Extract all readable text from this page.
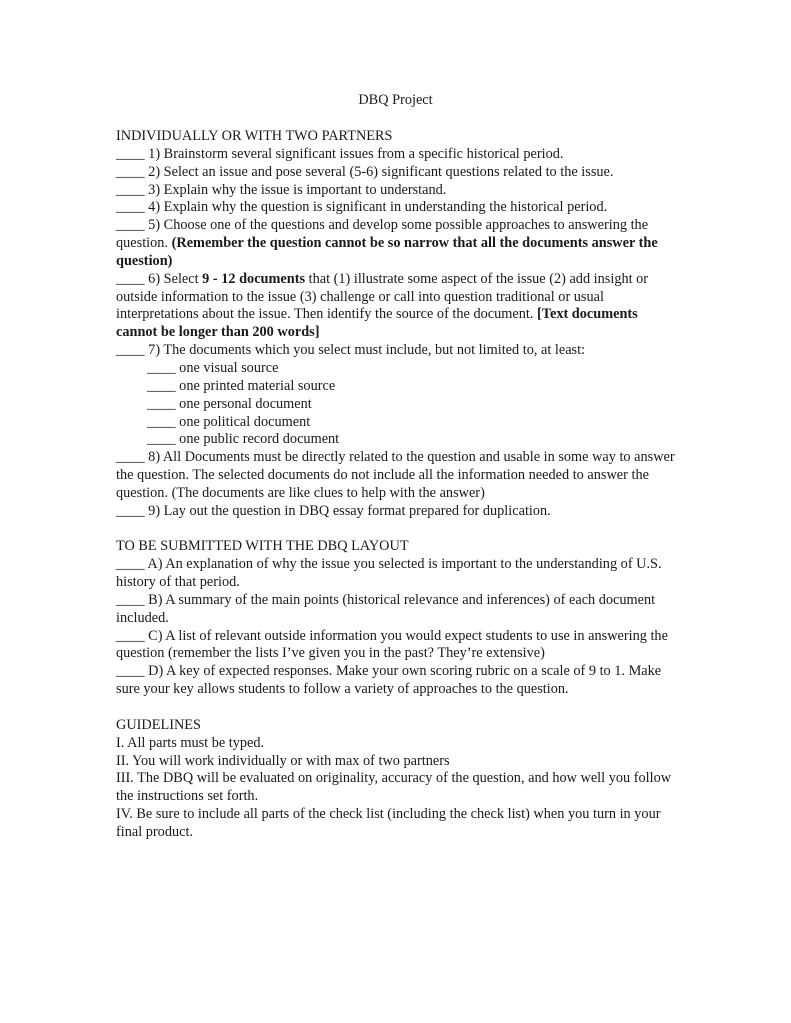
DBQ Project

INDIVIDUALLY OR WITH TWO PARTNERS

____ 1) Brainstorm several significant issues from a specific historical period.

____ 2) Select an issue and pose several (5-6) significant questions related to the issue.

____ 3) Explain why the issue is important to understand.

____ 4) Explain why the question is significant in understanding the historical period.

____ 5) Choose one of the questions and develop some possible approaches to answering the question. (Remember the question cannot be so narrow that all the documents answer the question)

____ 6) Select 9 - 12 documents that (1) illustrate some aspect of the issue (2) add insight or outside information to the issue (3) challenge or call into question traditional or usual interpretations about the issue. Then identify the source of the document. [Text documents cannot be longer than 200 words]

____ 7) The documents which you select must include, but not limited to, at least:

____ one visual source

____ one printed material source

____ one personal document

____ one political document

____ one public record document

____ 8) All Documents must be directly related to the question and usable in some way to answer the question. The selected documents do not include all the information needed to answer the question. (The documents are like clues to help with the answer)

____ 9) Lay out the question in DBQ essay format prepared for duplication.

TO BE SUBMITTED WITH THE DBQ LAYOUT

____ A) An explanation of why the issue you selected is important to the understanding of U.S. history of that period.

____ B) A summary of the main points (historical relevance and inferences) of each document included.

____ C) A list of relevant outside information you would expect students to use in answering the question (remember the lists I’ve given you in the past? They’re extensive)

____ D) A key of expected responses. Make your own scoring rubric on a scale of 9 to 1. Make sure your key allows students to follow a variety of approaches to the question.

GUIDELINES

I. All parts must be typed.

II. You will work individually or with max of two partners

III. The DBQ will be evaluated on originality, accuracy of the question, and how well you follow the instructions set forth.

IV. Be sure to include all parts of the check list (including the check list) when you turn in your final product.
